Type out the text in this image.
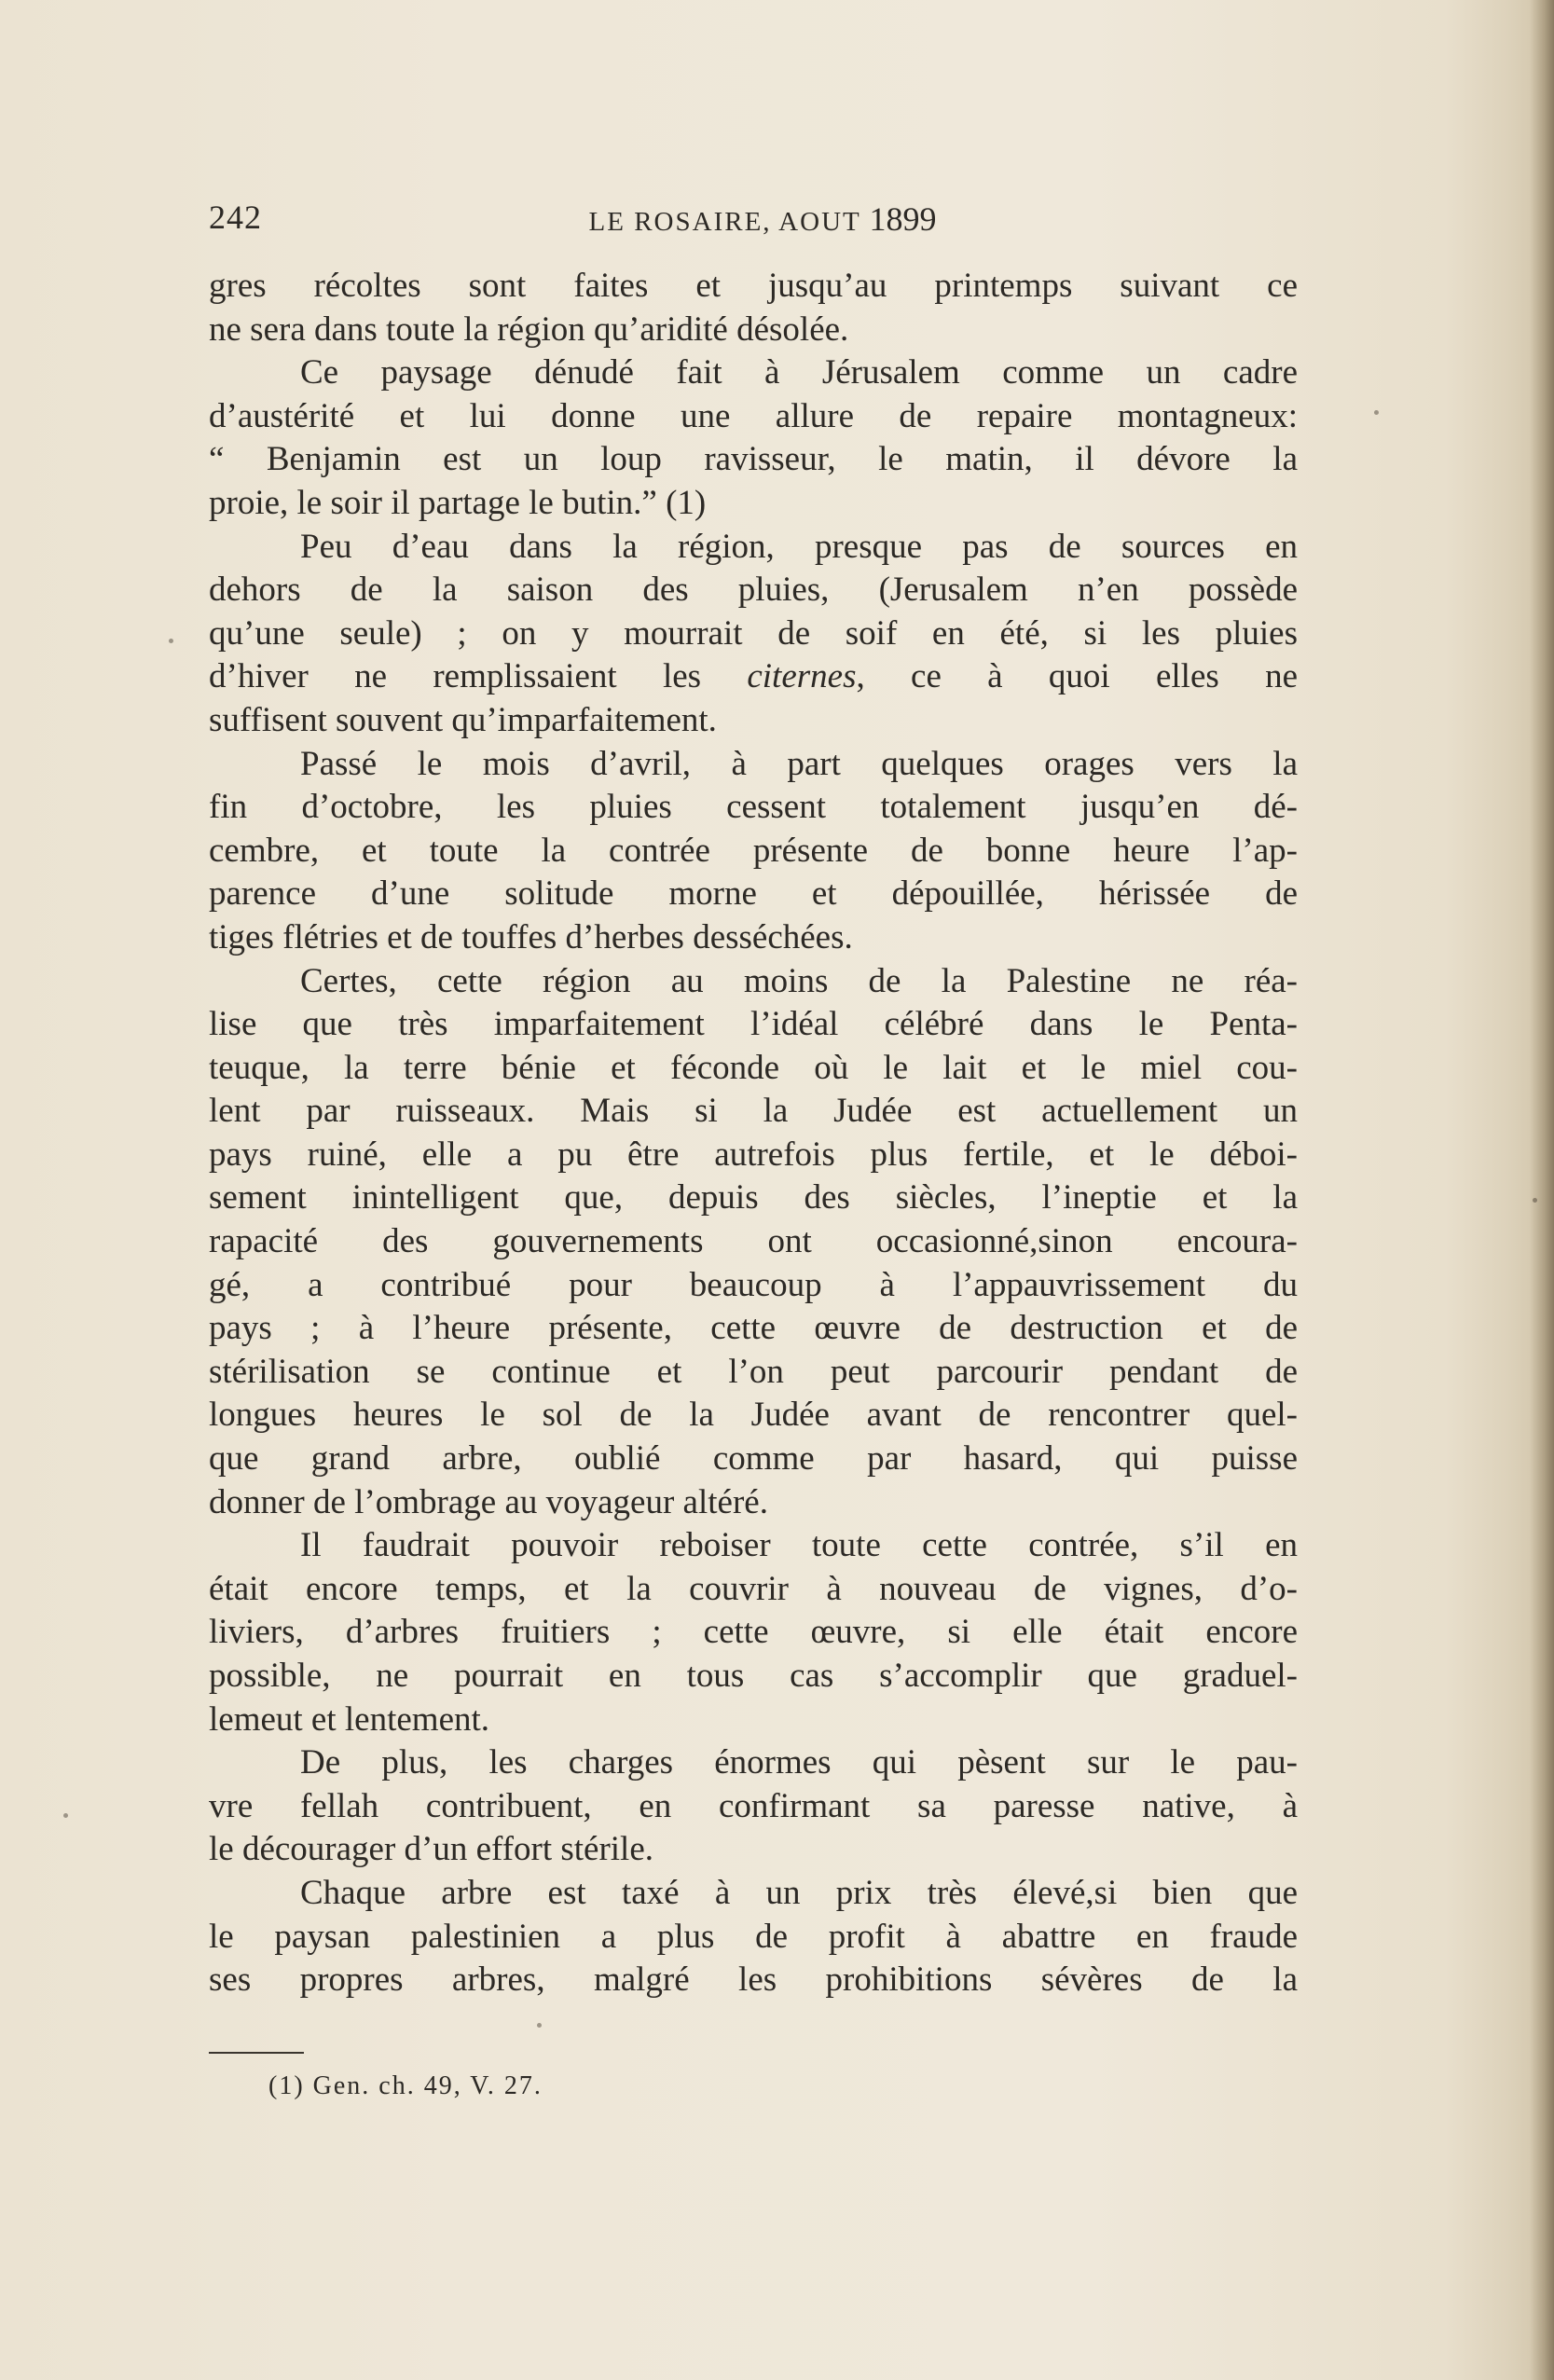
242	LE ROSAIRE, AOUT 1899
gres récoltes sont faites et jusqu’au printemps suivant ce
ne sera dans toute la région qu’aridité désolée.
Ce paysage dénudé fait à Jérusalem comme un cadre
d’austérité et lui donne une allure de repaire montagneux:
“ Benjamin est un loup ravisseur, le matin, il dévore la
proie, le soir il partage le butin.” (1)
Peu d’eau dans la région, presque pas de sources en
dehors de la saison des pluies, (Jerusalem n’en possède
qu’une seule) ; on y mourrait de soif en été, si les pluies
d’hiver ne remplissaient les citernes, ce à quoi elles ne
suffisent souvent qu’imparfaitement.
Passé le mois d’avril, à part quelques orages vers la
fin d’octobre, les pluies cessent totalement jusqu’en dé-
cembre, et toute la contrée présente de bonne heure l’ap-
parence d’une solitude morne et dépouillée, hérissée de
tiges flétries et de touffes d’herbes desséchées.
Certes, cette région au moins de la Palestine ne réa-
lise que très imparfaitement l’idéal célébré dans le Penta-
teuque, la terre bénie et féconde où le lait et le miel cou-
lent par ruisseaux. Mais si la Judée est actuellement un
pays ruiné, elle a pu être autrefois plus fertile, et le déboi-
sement inintelligent que, depuis des siècles, l’ineptie et la
rapacité des gouvernements ont occasionné,sinon encoura-
gé, a contribué pour beaucoup à l’appauvrissement du
pays ; à l’heure présente, cette œuvre de destruction et de
stérilisation se continue et l’on peut parcourir pendant de
longues heures le sol de la Judée avant de rencontrer quel-
que grand arbre, oublié comme par hasard, qui puisse
donner de l’ombrage au voyageur altéré.
Il faudrait pouvoir reboiser toute cette contrée, s’il en
était encore temps, et la couvrir à nouveau de vignes, d’o-
liviers, d’arbres fruitiers ; cette œuvre, si elle était encore
possible, ne pourrait en tous cas s’accomplir que graduel-
lemeut et lentement.
De plus, les charges énormes qui pèsent sur le pau-
vre fellah contribuent, en confirmant sa paresse native, à
le décourager d’un effort stérile.
Chaque arbre est taxé à un prix très élevé,si bien que
le paysan palestinien a plus de profit à abattre en fraude
ses propres arbres, malgré les prohibitions sévères de la
(1) Gen. ch. 49, V. 27.
